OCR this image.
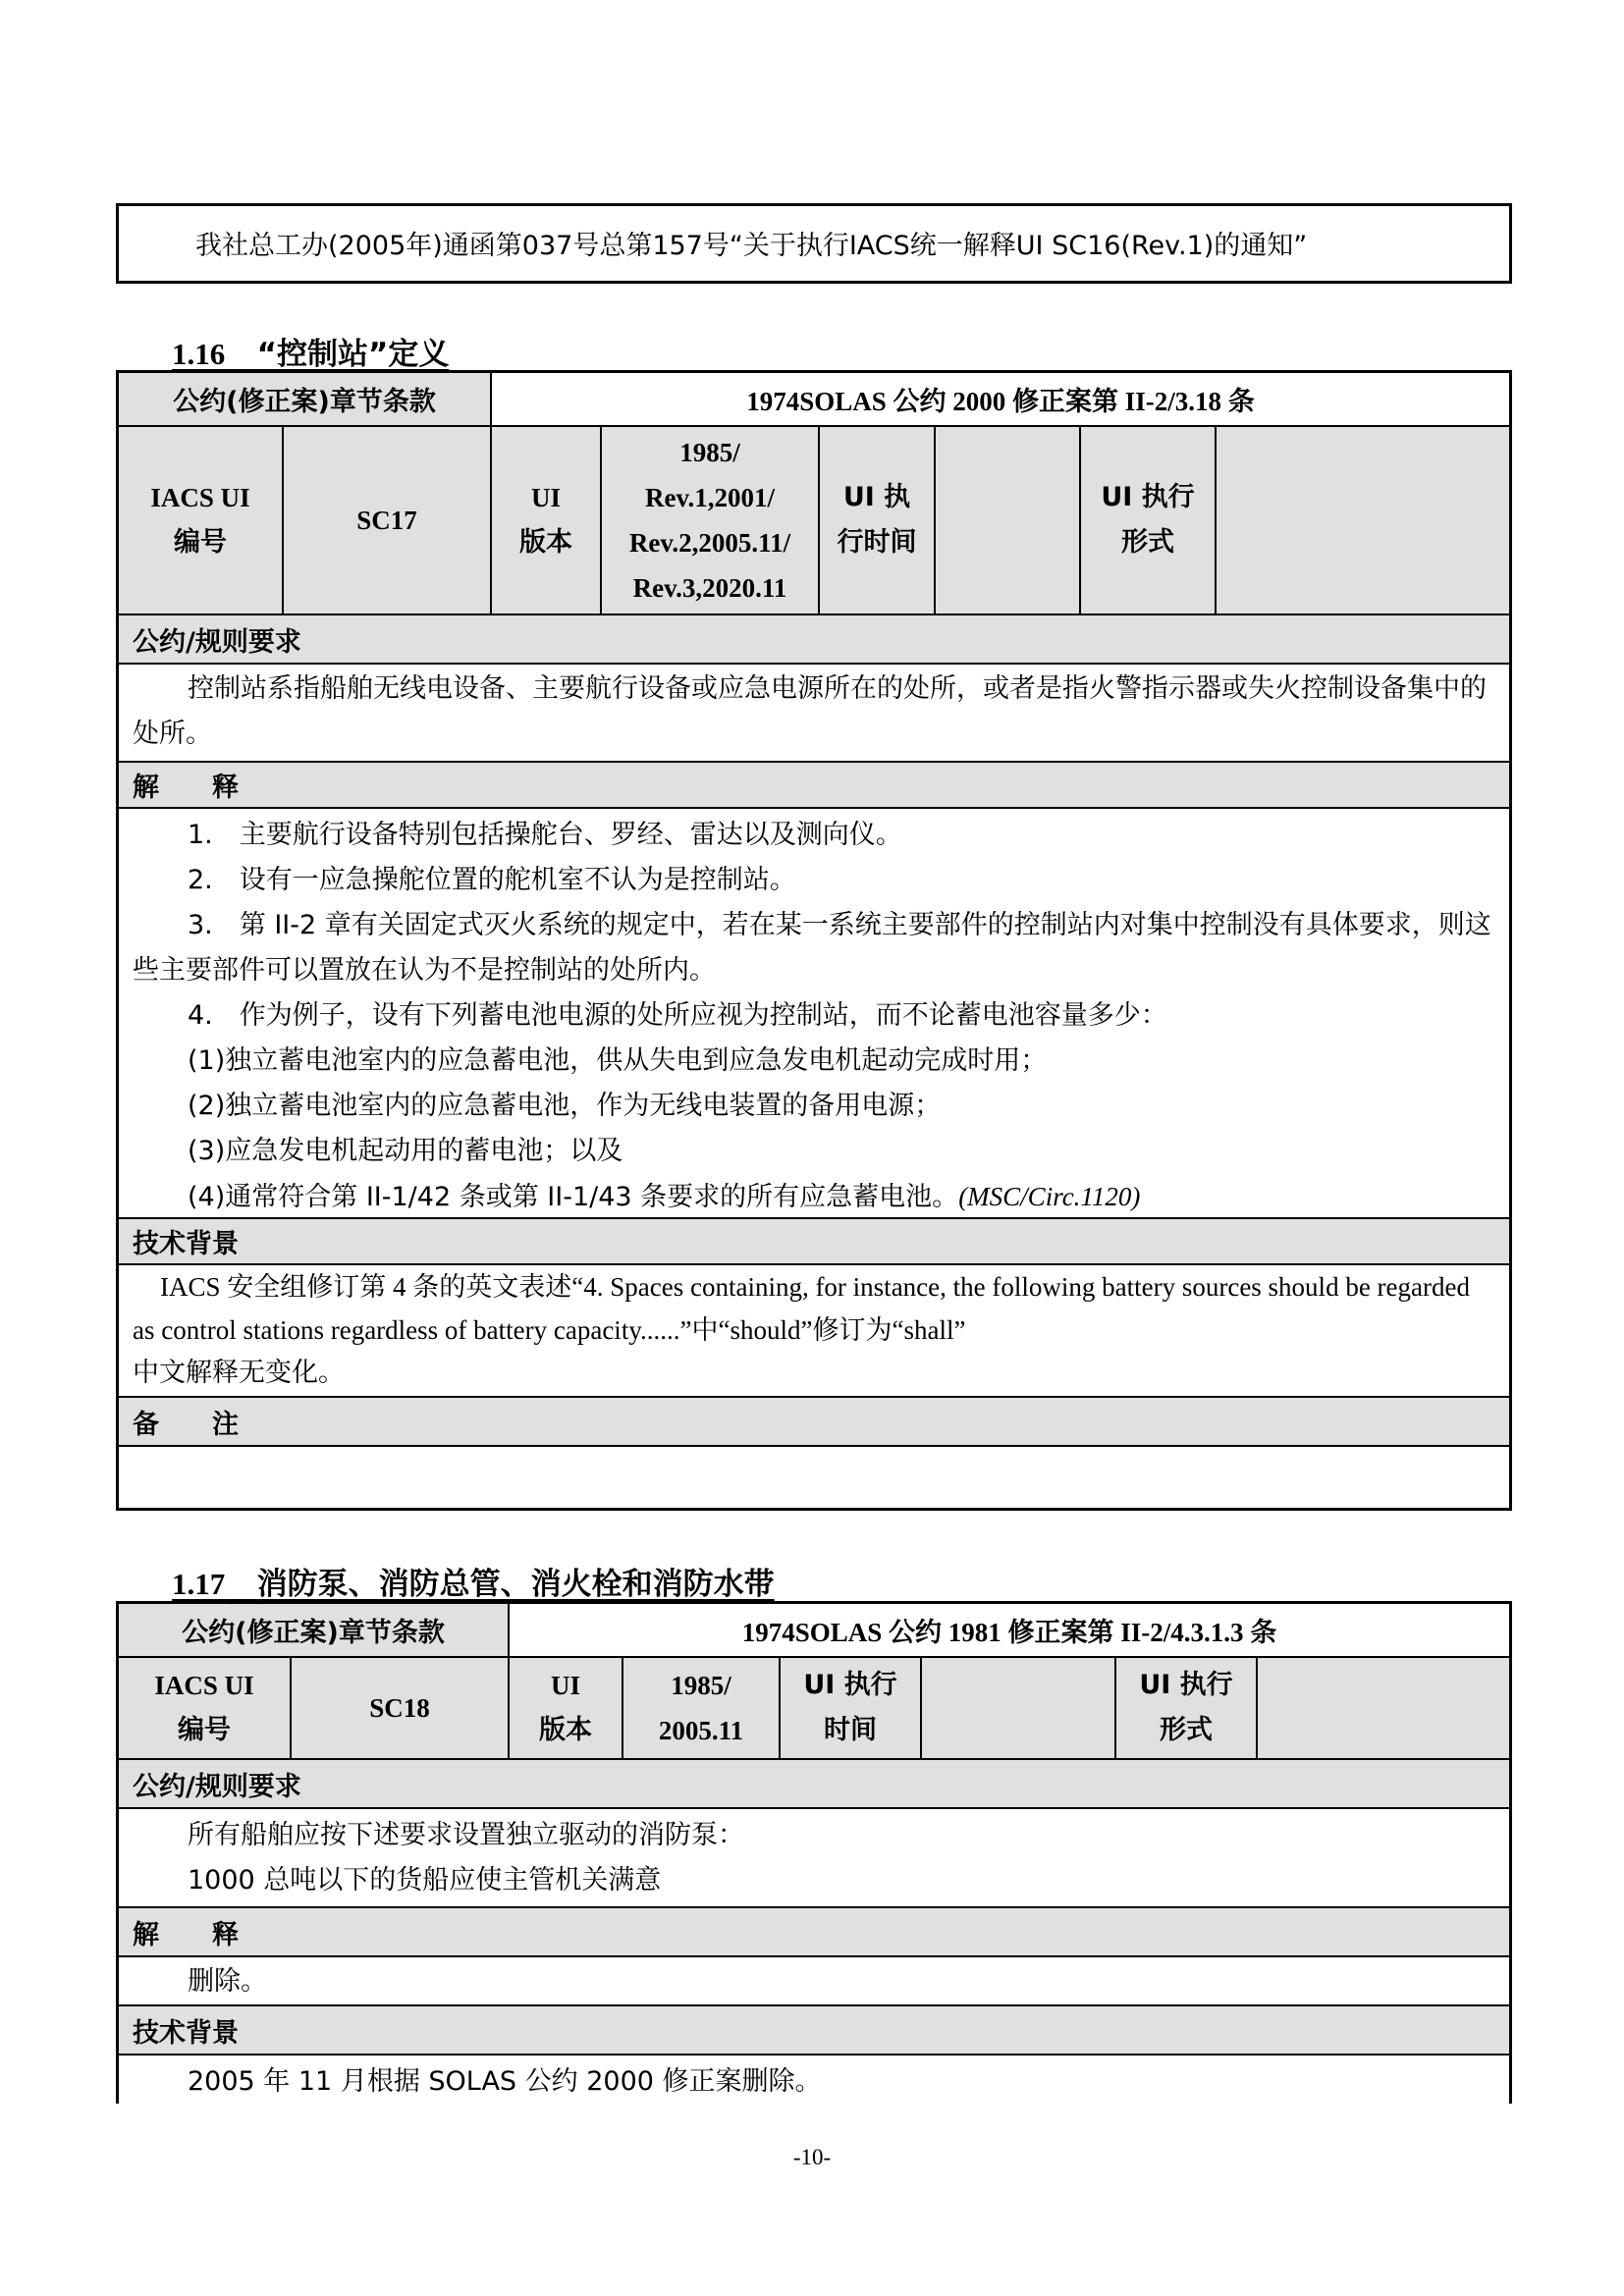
我社总工办(2005年)通函第037号总第157号“关于执行IACS统一解释UI SC16(Rev.1)的通知”
1.16 “控制站”定义
公约(修正案)章节条款	1974SOLAS 公约 2000 修正案第 II-2/3.18 条
IACS UI
编号
SC17
UI
版本
1985/
Rev.1,2001/
Rev.2,2005.11/
Rev.3,2020.11
UI 执
行时间
UI 执行
形式
公约/规则要求
控制站系指船舶无线电设备、主要航行设备或应急电源所在的处所，或者是指火警指示器或失火控制设备集中的处所。
解　　释
1.　主要航行设备特别包括操舵台、罗经、雷达以及测向仪。
2.　设有一应急操舵位置的舵机室不认为是控制站。
3.　第 II-2 章有关固定式灭火系统的规定中，若在某一系统主要部件的控制站内对集中控制没有具体要求，则这些主要部件可以置放在认为不是控制站的处所内。
4.　作为例子，设有下列蓄电池电源的处所应视为控制站，而不论蓄电池容量多少：
(1)独立蓄电池室内的应急蓄电池，供从失电到应急发电机起动完成时用；
(2)独立蓄电池室内的应急蓄电池，作为无线电装置的备用电源；
(3)应急发电机起动用的蓄电池；以及
(4)通常符合第 II-1/42 条或第 II-1/43 条要求的所有应急蓄电池。(MSC/Circ.1120)
技术背景
IACS 安全组修订第 4 条的英文表述“4. Spaces containing, for instance, the following battery sources should be regarded as control stations regardless of battery capacity......”中“should”修订为“shall”
中文解释无变化。
备　　注
1.17 消防泵、消防总管、消火栓和消防水带
公约(修正案)章节条款	1974SOLAS 公约 1981 修正案第 II-2/4.3.1.3 条
IACS UI
编号
SC18
UI
版本
1985/
2005.11
UI 执行
时间
UI 执行
形式
公约/规则要求
所有船舶应按下述要求设置独立驱动的消防泵：
1000 总吨以下的货船应使主管机关满意
解　　释
删除。
技术背景
2005 年 11 月根据 SOLAS 公约 2000 修正案删除。
-10-
